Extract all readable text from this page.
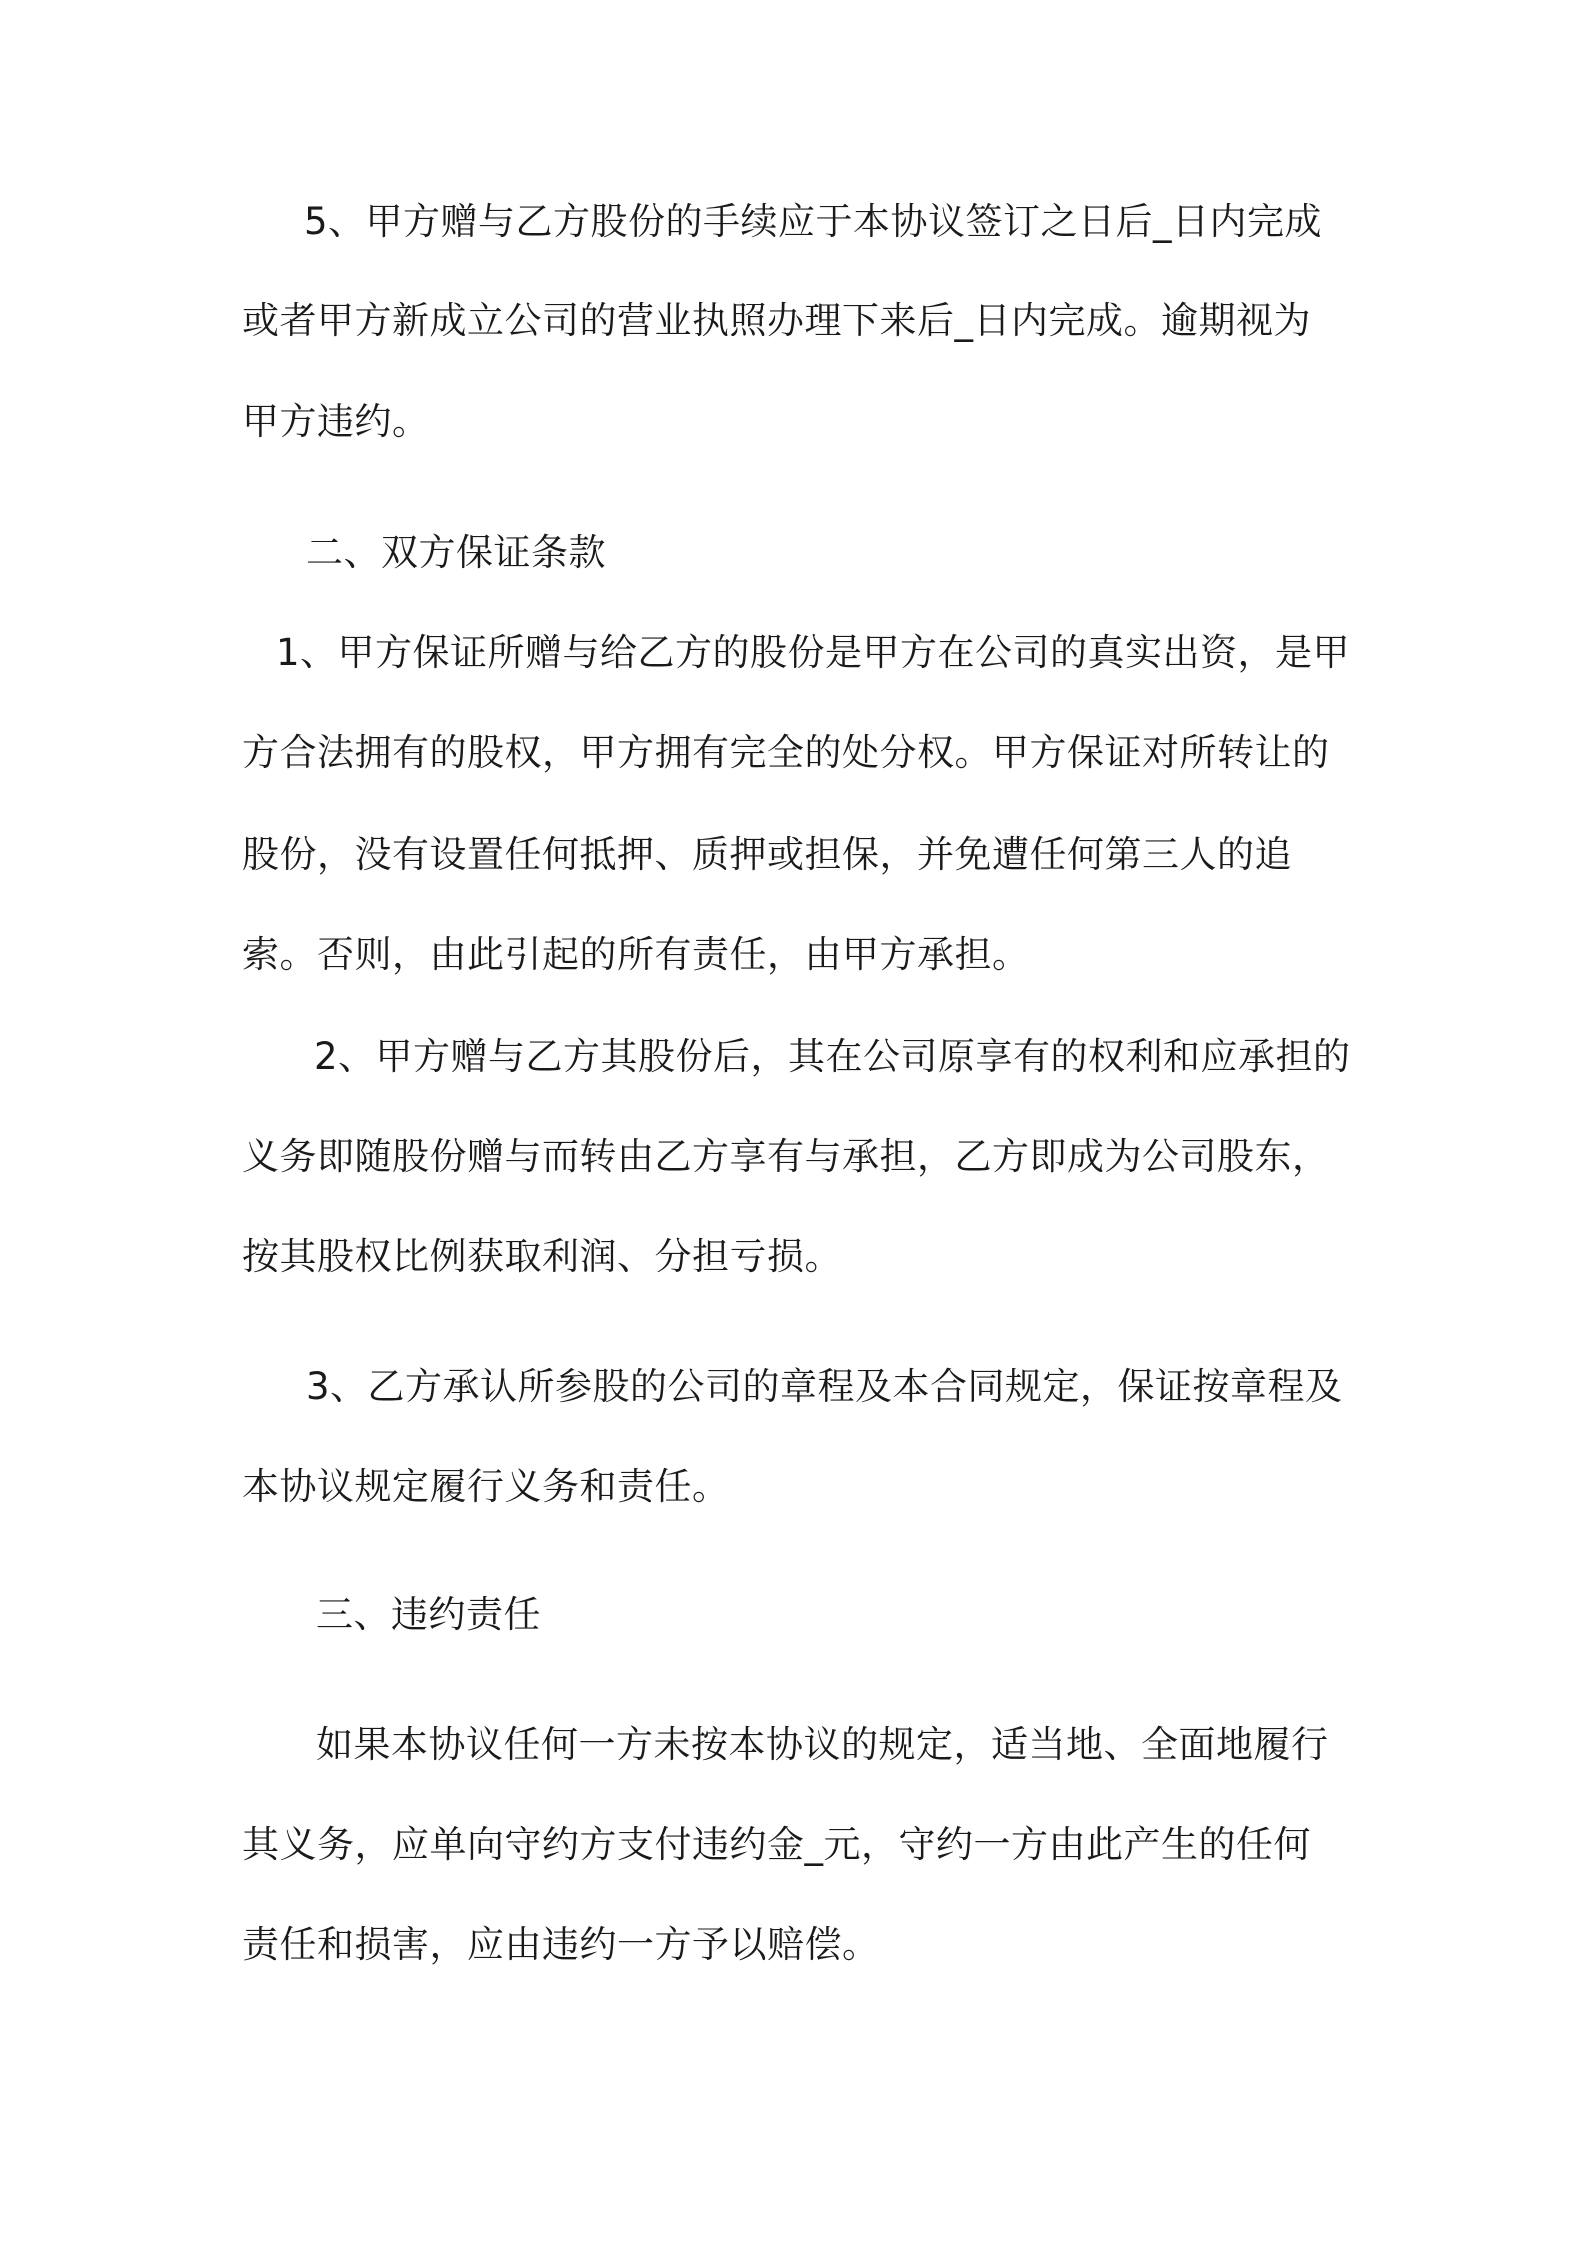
5、甲方赠与乙方股份的手续应于本协议签订之日后_日内完成
或者甲方新成立公司的营业执照办理下来后_日内完成。逾期视为
甲方违约。
二、双方保证条款
1、甲方保证所赠与给乙方的股份是甲方在公司的真实出资，是甲
方合法拥有的股权，甲方拥有完全的处分权。甲方保证对所转让的
股份，没有设置任何抵押、质押或担保，并免遭任何第三人的追
索。否则，由此引起的所有责任，由甲方承担。
2、甲方赠与乙方其股份后，其在公司原享有的权利和应承担的
义务即随股份赠与而转由乙方享有与承担，乙方即成为公司股东，
按其股权比例获取利润、分担亏损。
3、乙方承认所参股的公司的章程及本合同规定，保证按章程及
本协议规定履行义务和责任。
三、违约责任
如果本协议任何一方未按本协议的规定，适当地、全面地履行
其义务，应单向守约方支付违约金_元，守约一方由此产生的任何
责任和损害，应由违约一方予以赔偿。
